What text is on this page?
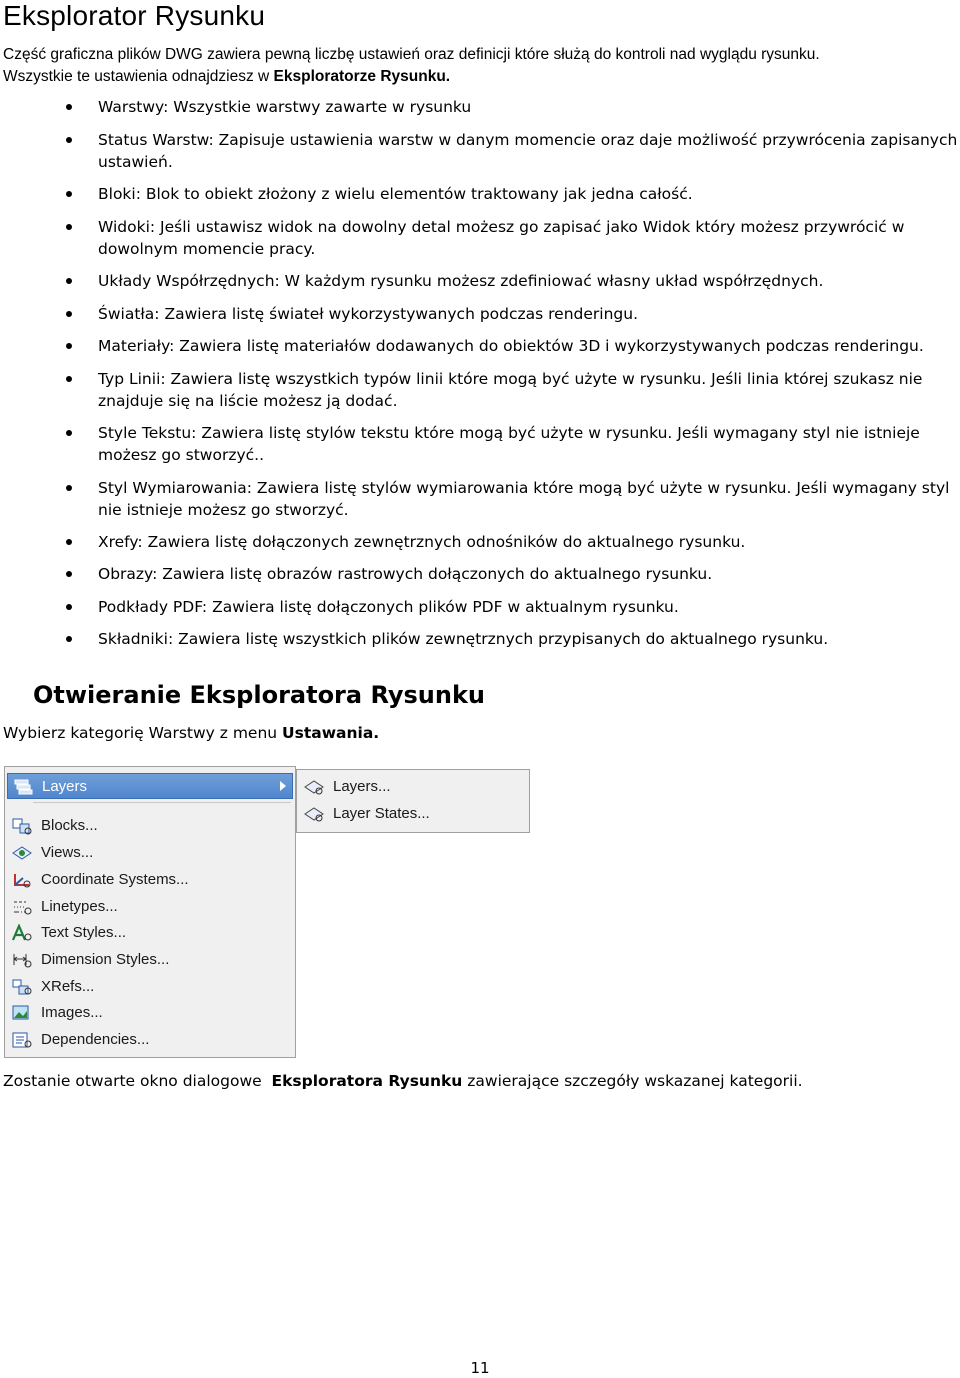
Eksplorator Rysunku

Część graficzna plików DWG zawiera pewną liczbę ustawień oraz definicji które służą do kontroli nad wyglądu rysunku.
Wszystkie te ustawienia odnajdziesz w Eksploratorze Rysunku.

Warstwy: Wszystkie warstwy zawarte w rysunku
Status Warstw: Zapisuje ustawienia warstw w danym momencie oraz daje możliwość przywrócenia zapisanych ustawień.
Bloki: Blok to obiekt złożony z wielu elementów traktowany jak jedna całość.
Widoki: Jeśli ustawisz widok na dowolny detal możesz go zapisać jako Widok który możesz przywrócić w dowolnym momencie pracy.
Układy Współrzędnych: W każdym rysunku możesz zdefiniować własny układ współrzędnych.
Światła: Zawiera listę świateł wykorzystywanych podczas renderingu.
Materiały: Zawiera listę materiałów dodawanych do obiektów 3D i wykorzystywanych podczas renderingu.
Typ Linii: Zawiera listę wszystkich typów linii które mogą być użyte w rysunku. Jeśli linia której szukasz nie znajduje się na liście możesz ją dodać.
Style Tekstu: Zawiera listę stylów tekstu które mogą być użyte w rysunku. Jeśli wymagany styl nie istnieje możesz go stworzyć..
Styl Wymiarowania: Zawiera listę stylów wymiarowania które mogą być użyte w rysunku. Jeśli wymagany styl nie istnieje możesz go stworzyć.
Xrefy: Zawiera listę dołączonych zewnętrznych odnośników do aktualnego rysunku.
Obrazy: Zawiera listę obrazów rastrowych dołączonych do aktualnego rysunku.
Podkłady PDF: Zawiera listę dołączonych plików PDF w aktualnym rysunku.
Składniki: Zawiera listę wszystkich plików zewnętrznych przypisanych do aktualnego rysunku.
Otwieranie Eksploratora Rysunku

Wybierz kategorię Warstwy z menu Ustawania.

Layers
Blocks...
Views...
Coordinate Systems...
Linetypes...
Text Styles...
Dimension Styles...
XRefs...
Images...
Dependencies...
Layers...
Layer States...

Zostanie otwarte okno dialogowe  Eksploratora Rysunku zawierające szczegóły wskazanej kategorii.

11
